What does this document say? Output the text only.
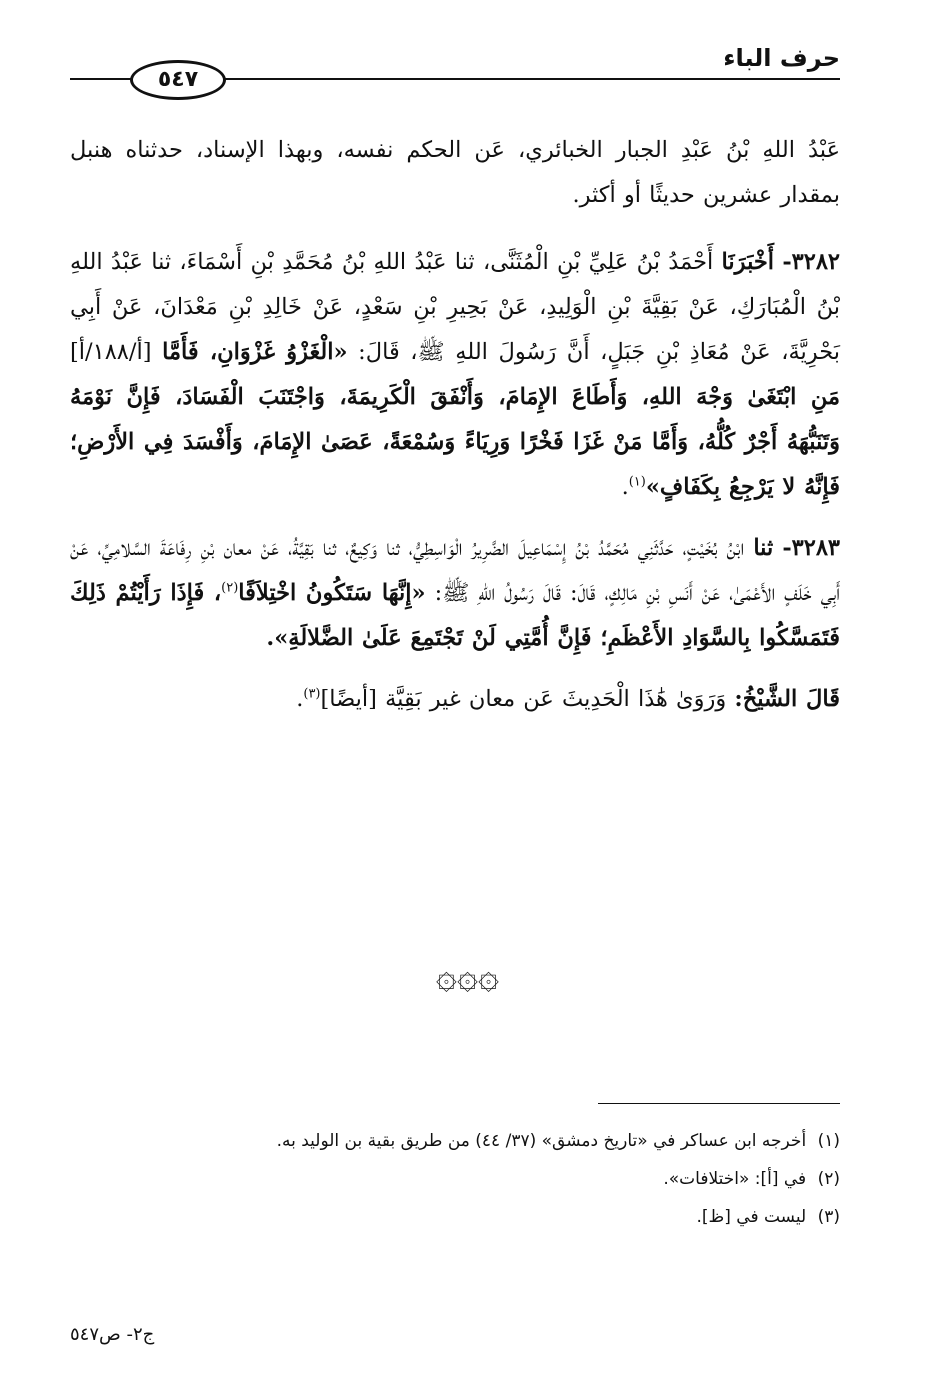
٥٤٧
حرف الباء

عَبْدُ اللهِ بْنُ عَبْدِ الجبار الخبائري، عَن الحكم نفسه، وبهذا الإسناد، حدثناه هنبل بمقدار عشرين حديثًا أو أكثر.

٣٢٨٢- أَخْبَرَنَا أَحْمَدُ بْنُ عَلِيِّ بْنِ الْمُثَنَّى، ثنا عَبْدُ اللهِ بْنُ مُحَمَّدِ بْنِ أَسْمَاءَ، ثنا عَبْدُ اللهِ بْنُ الْمُبَارَكِ، عَنْ بَقِيَّةَ بْنِ الْوَلِيدِ، عَنْ بَحِيرِ بْنِ سَعْدٍ، عَنْ خَالِدِ بْنِ مَعْدَانَ، عَنْ أَبِي بَحْرِيَّةَ، عَنْ مُعَاذِ بْنِ جَبَلٍ، أَنَّ رَسُولَ اللهِ ﷺ، قَالَ: «الْغَزْوُ غَزْوَانِ، فَأَمَّا [أ/١٨٨/أ] مَنِ ابْتَغَىٰ وَجْهَ اللهِ، وَأَطَاعَ الإِمَامَ، وَأَنْفَقَ الْكَرِيمَةَ، وَاجْتَنَبَ الْفَسَادَ، فَإِنَّ نَوْمَهُ وَتَنَبُّهَهُ أَجْرٌ كُلُّهُ، وَأَمَّا مَنْ غَزَا فَخْرًا وَرِيَاءً وَسُمْعَةً، عَصَىٰ الإِمَامَ، وَأَفْسَدَ فِي الأَرْضِ؛ فَإِنَّهُ لا يَرْجِعُ بِكَفَافٍ»$^{(١)}$.

٣٢٨٣- ثنا ابْنُ بُخَيْتٍ، حَدَّثَنِي مُحَمَّدُ بْنُ إِسْمَاعِيلَ الضَّرِيرُ الْوَاسِطِيُّ، ثنا وَكِيعٌ، ثنا بَقِيَّةُ، عَنْ معان بْنِ رِفَاعَةَ السَّلامِيِّ، عَنْ أَبِي خَلَفٍ الأَعْمَىٰ، عَنْ أَنَسِ بْنِ مَالِكٍ، قَالَ: قَالَ رَسُولُ اللهِ ﷺ: «إِنَّهَا سَتَكُونُ اخْتِلاَفًا$^{(٢)}$، فَإِذَا رَأَيْتُمْ ذَلِكَ فَتَمَسَّكُوا بِالسَّوَادِ الأَعْظَمِ؛ فَإِنَّ أُمَّتِي لَنْ تَجْتَمِعَ عَلَىٰ الضَّلالَةِ».

قَالَ الشَّيْخُ: وَرَوَىٰ هَٰذَا الْحَدِيثَ عَن معان غير بَقِيَّة [أيضًا]$^{(٣)}$.

۞۞۞
(١) أخرجه ابن عساكر في «تاريخ دمشق» (٣٧/ ٤٤) من طريق بقية بن الوليد به.
(٢) في [أ]: «اختلافات».
(٣) ليست في [ظ].
ج٢- ص٥٤٧
